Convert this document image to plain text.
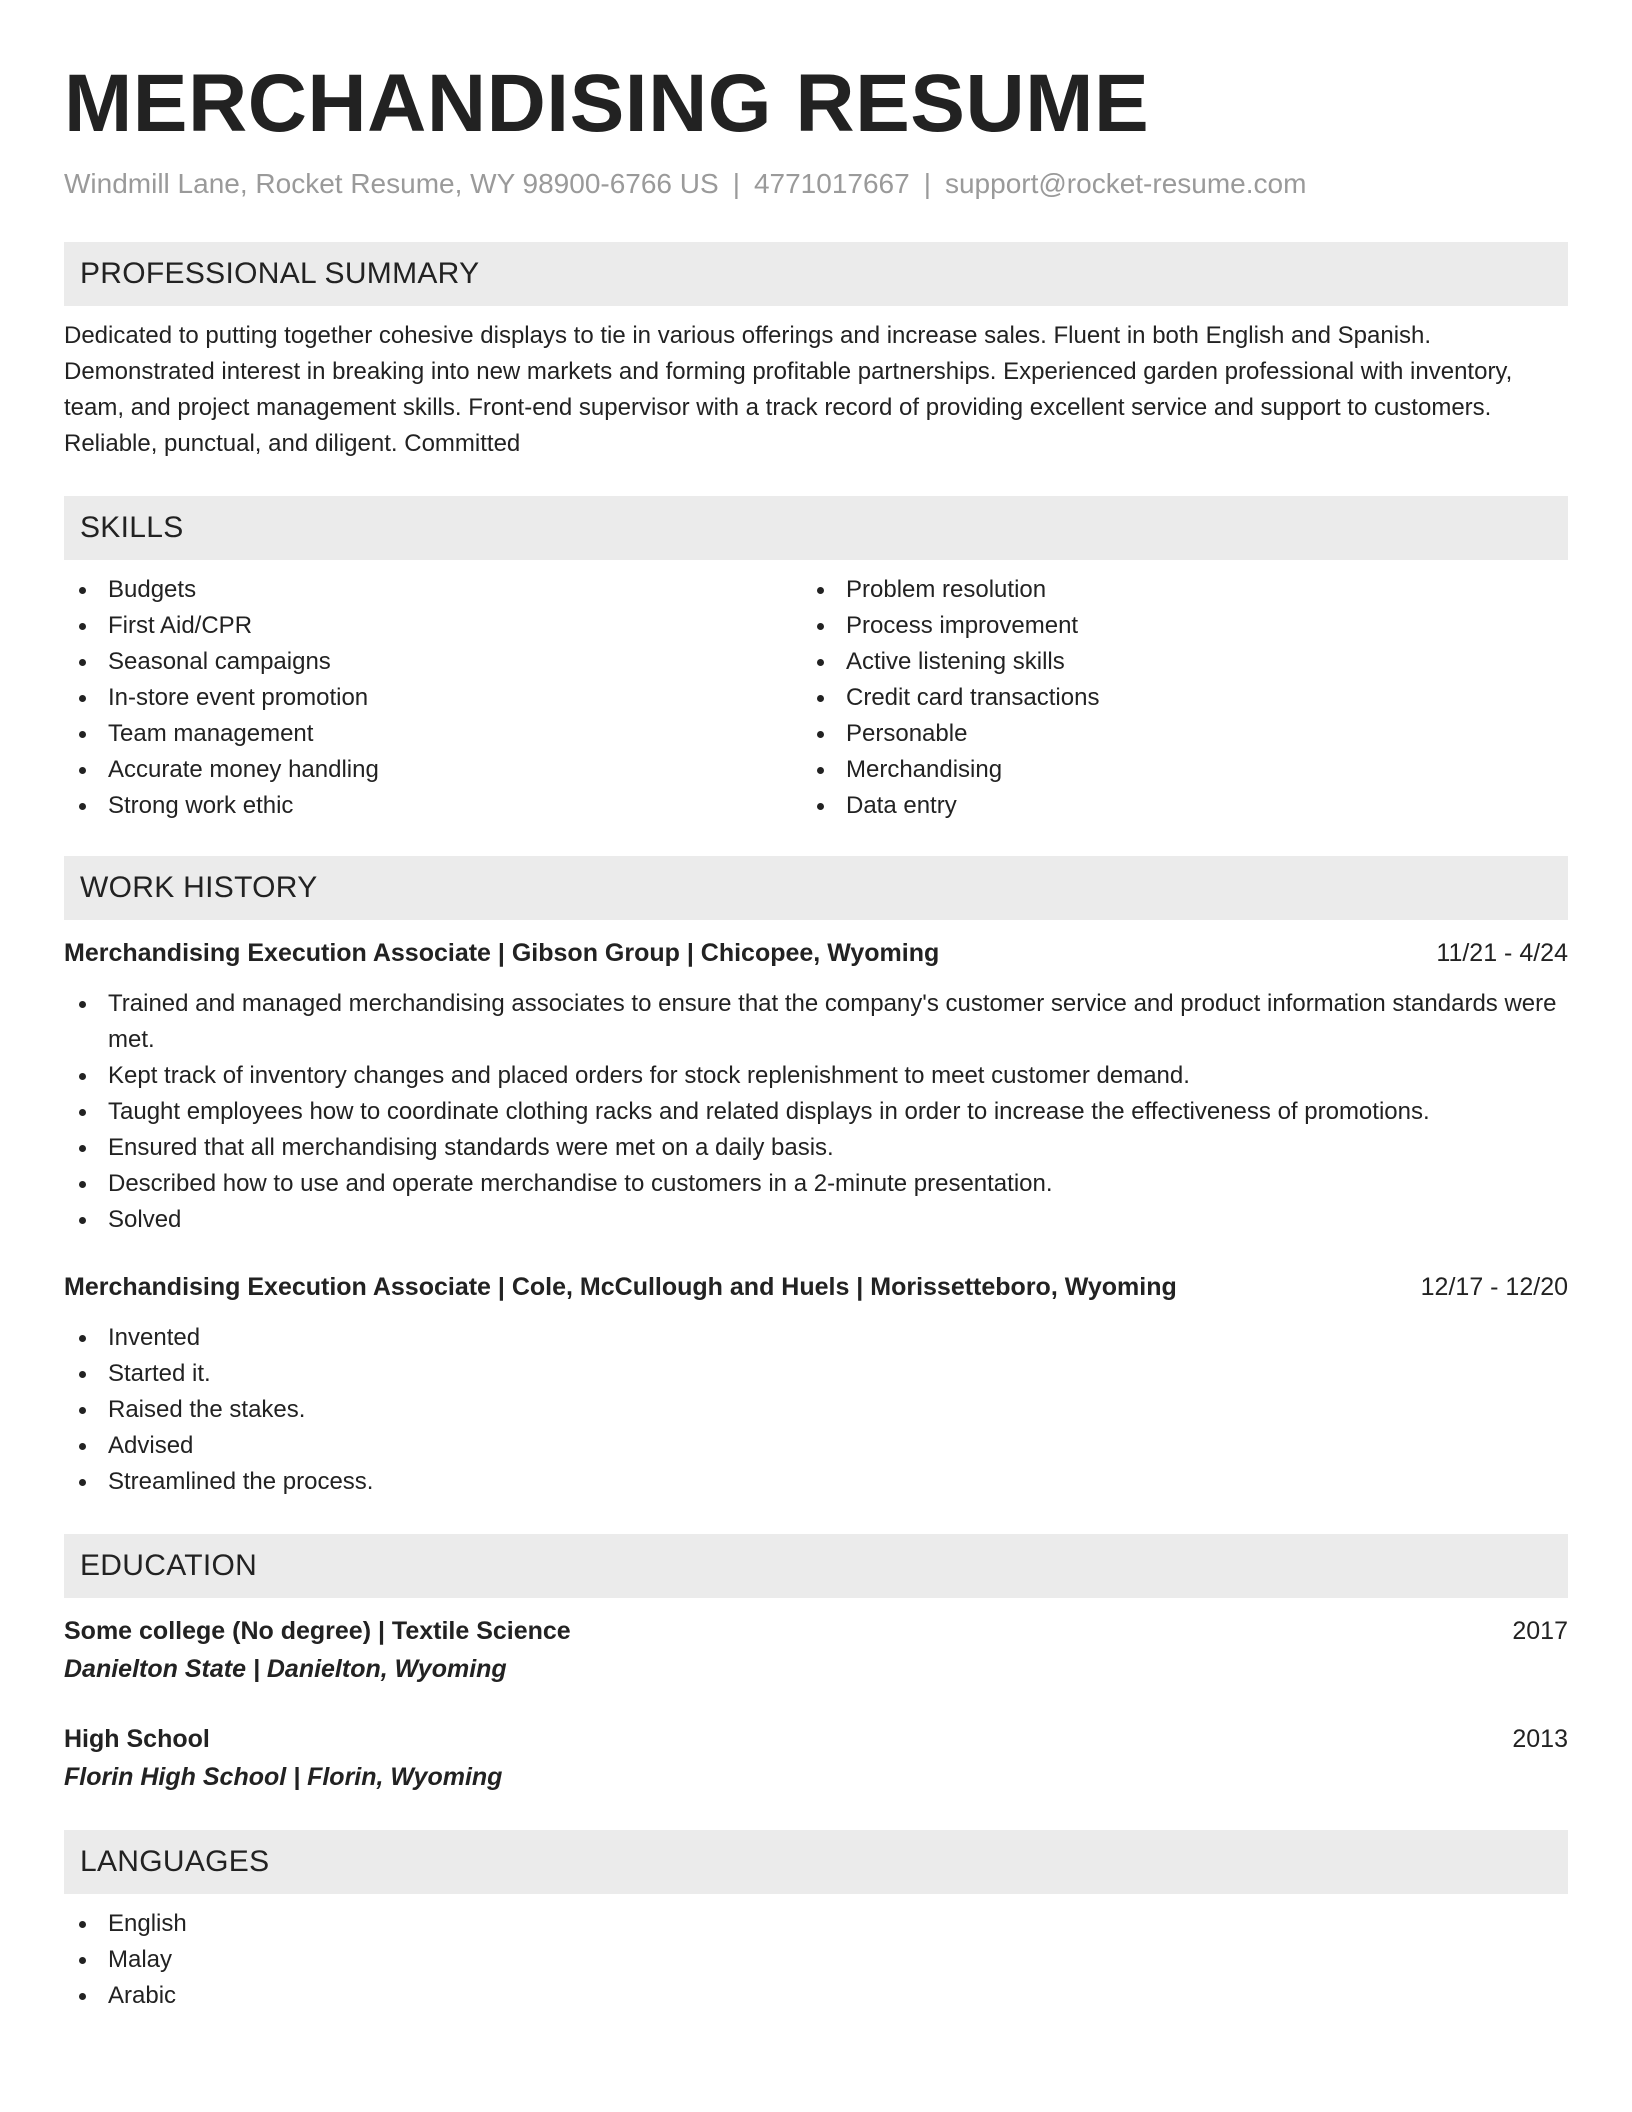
MERCHANDISING RESUME
Windmill Lane, Rocket Resume, WY 98900-6766 US | 4771017667 | support@rocket-resume.com
PROFESSIONAL SUMMARY

Dedicated to putting together cohesive displays to tie in various offerings and increase sales. Fluent in both English and Spanish. Demonstrated interest in breaking into new markets and forming profitable partnerships. Experienced garden professional with inventory, team, and project management skills. Front-end supervisor with a track record of providing excellent service and support to customers. Reliable, punctual, and diligent. Committed

SKILLS
Budgets
First Aid/CPR
Seasonal campaigns
In-store event promotion
Team management
Accurate money handling
Strong work ethic
Problem resolution
Process improvement
Active listening skills
Credit card transactions
Personable
Merchandising
Data entry
WORK HISTORY
Merchandising Execution Associate | Gibson Group | Chicopee, Wyoming	11/21 - 4/24
Trained and managed merchandising associates to ensure that the company's customer service and product information standards were met.
Kept track of inventory changes and placed orders for stock replenishment to meet customer demand.
Taught employees how to coordinate clothing racks and related displays in order to increase the effectiveness of promotions.
Ensured that all merchandising standards were met on a daily basis.
Described how to use and operate merchandise to customers in a 2-minute presentation.
Solved
Merchandising Execution Associate | Cole, McCullough and Huels | Morissetteboro, Wyoming	12/17 - 12/20
Invented
Started it.
Raised the stakes.
Advised
Streamlined the process.
EDUCATION
Some college (No degree) | Textile Science	2017
Danielton State | Danielton, Wyoming
High School	2013
Florin High School | Florin, Wyoming
LANGUAGES
English
Malay
Arabic
